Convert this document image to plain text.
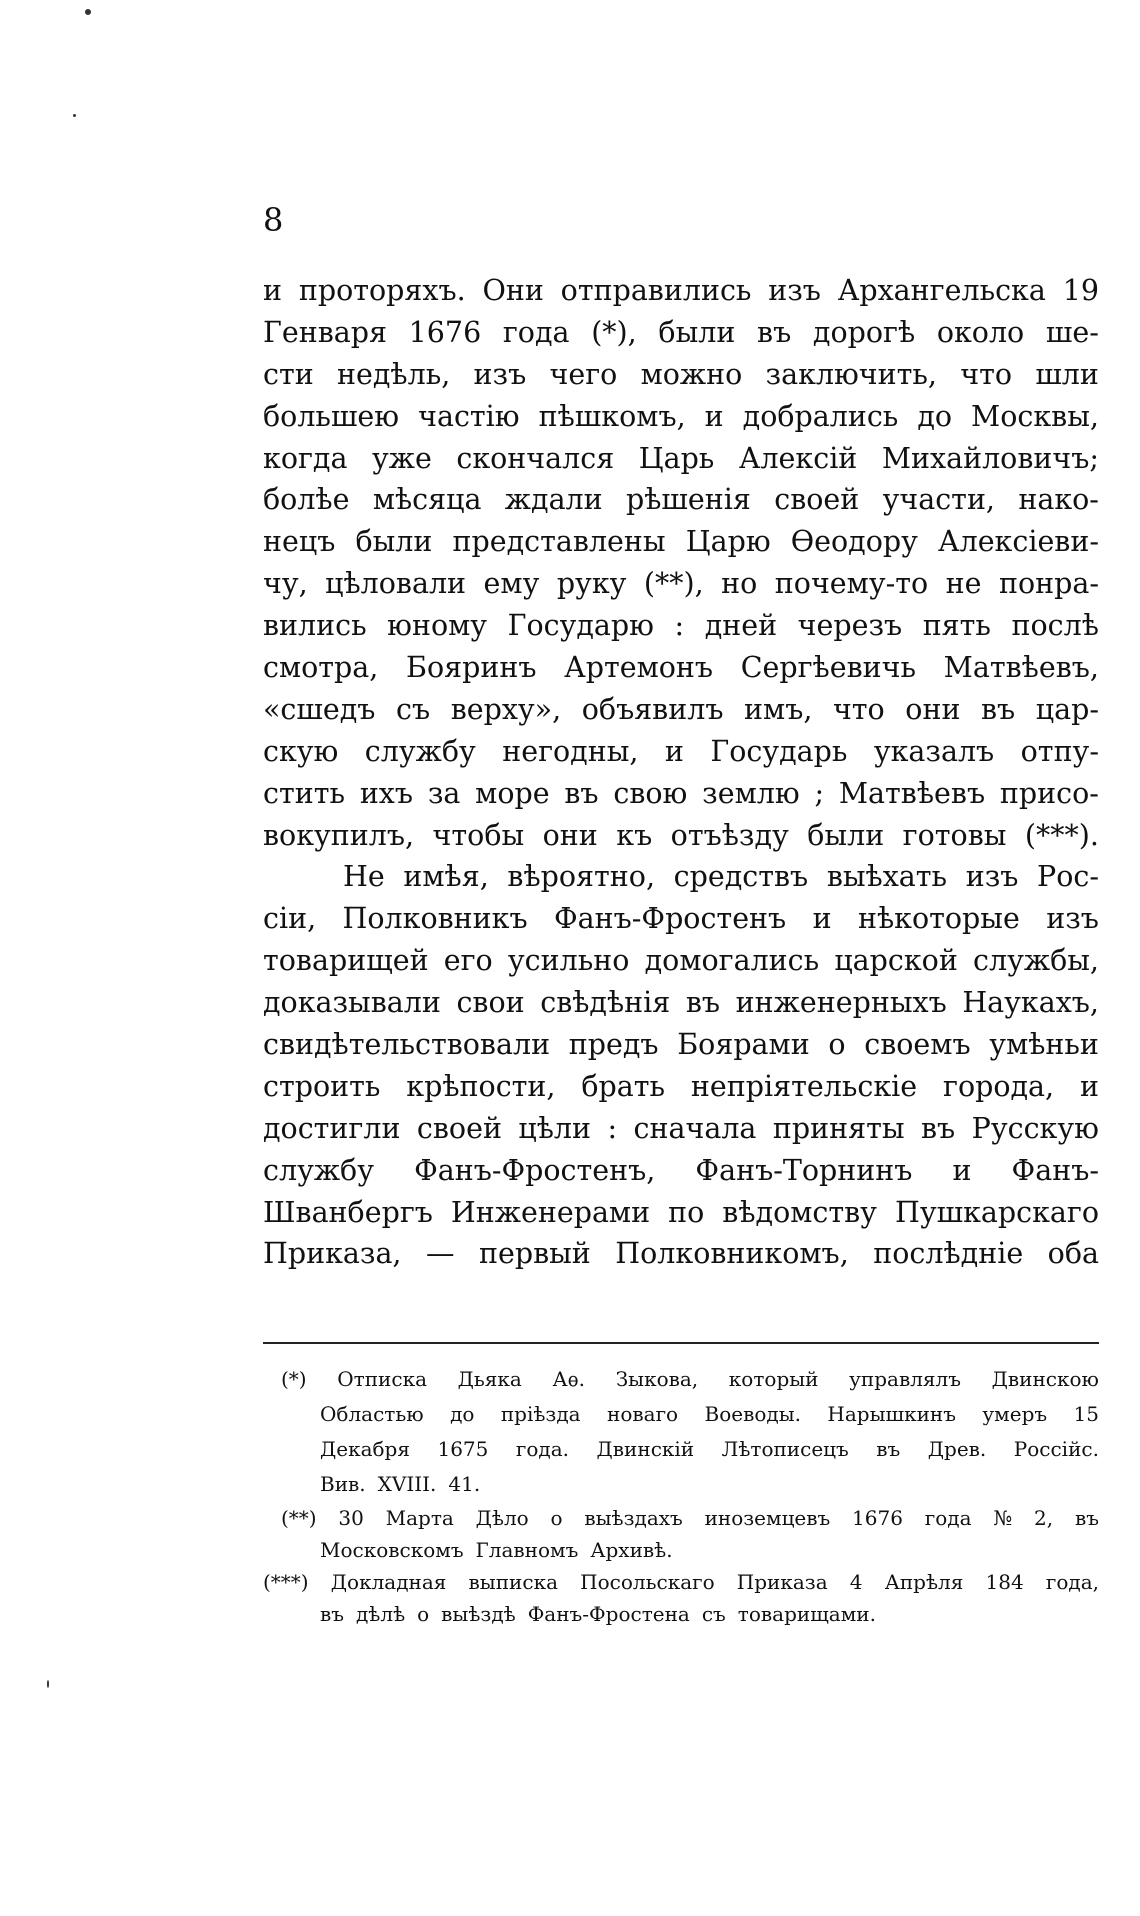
8
и проторяхъ. Они отправились изъ Архангельска 19
Генваря 1676 года (*), были въ дорогѣ около ше-
сти недѣль, изъ чего можно заключить, что шли
большею частію пѣшкомъ, и добрались до Москвы,
когда уже скончался Царь Алексій Михайловичъ;
болѣе мѣсяца ждали рѣшенія своей участи, нако-
нецъ были представлены Царю Өеодору Алексіеви-
чу, цѣловали ему руку (**), но почему-то не понра-
вились юному Государю : дней черезъ пять послѣ
смотра, Бояринъ Артемонъ Сергѣевичь Матвѣевъ,
«сшедъ съ верху», объявилъ имъ, что они въ цар-
скую службу негодны, и Государь указалъ отпу-
стить ихъ за море въ свою землю ; Матвѣевъ присо-
вокупилъ, чтобы они къ отъѣзду были готовы (***).
Не имѣя, вѣроятно, средствъ выѣхать изъ Рос-
сіи, Полковникъ Фанъ-Фростенъ и нѣкоторые изъ
товарищей его усильно домогались царской службы,
доказывали свои свѣдѣнія въ инженерныхъ Наукахъ,
свидѣтельствовали предъ Боярами о своемъ умѣньи
строить крѣпости, брать непріятельскіе города, и
достигли своей цѣли : сначала приняты въ Русскую
службу Фанъ-Фростенъ, Фанъ-Торнинъ и Фанъ-
Шванбергъ Инженерами по вѣдомству Пушкарскаго
Приказа, — первый Полковникомъ, послѣдніе оба
(*) Отписка Дьяка Аѳ. Зыкова, который управлялъ Двинскою
Областью до пріѣзда новаго Воеводы. Нарышкинъ умеръ 15
Декабря 1675 года. Двинскій Лѣтописецъ въ Древ. Россійс.
Вив. XVIII. 41.
(**) 30 Марта Дѣло о выѣздахъ иноземцевъ 1676 года № 2, въ
Московскомъ Главномъ Архивѣ.
(***) Докладная выписка Посольскаго Приказа 4 Апрѣля 184 года,
въ дѣлѣ о выѣздѣ Фанъ-Фростена съ товарищами.
